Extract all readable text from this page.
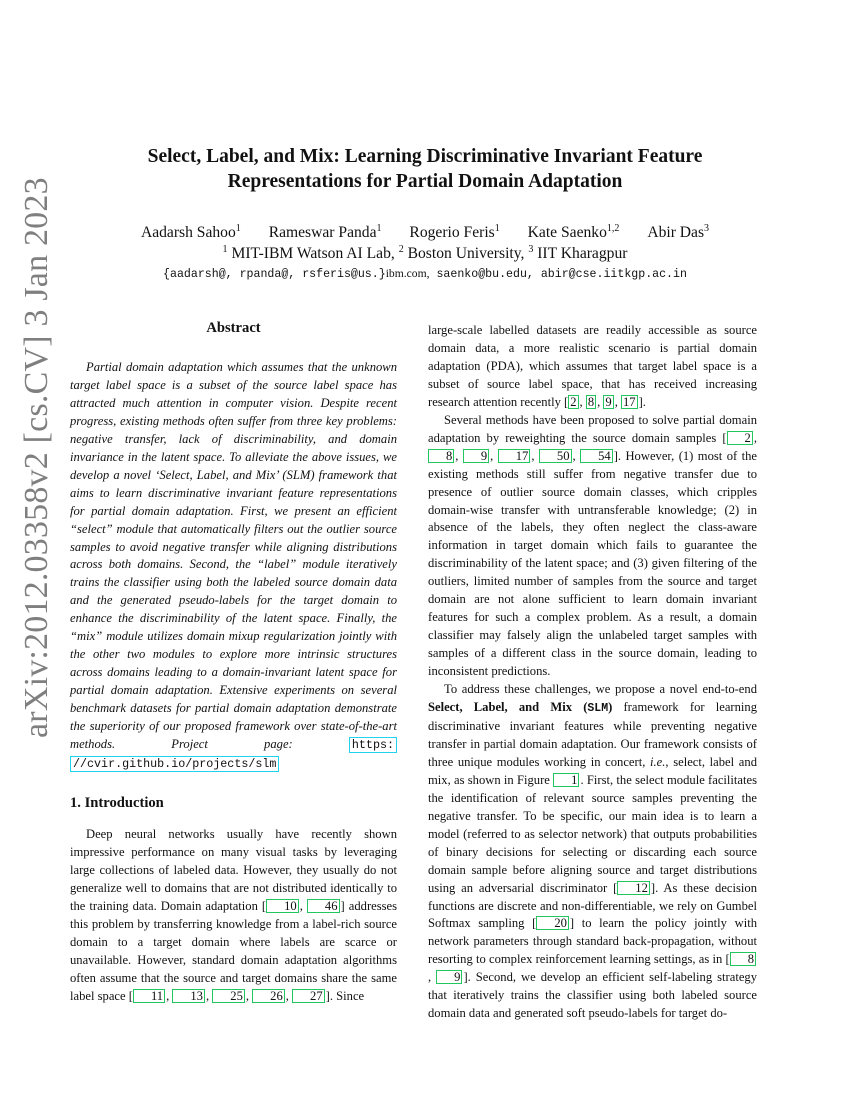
arXiv:2012.03358v2 [cs.CV] 3 Jan 2023
Select, Label, and Mix: Learning Discriminative Invariant Feature
Representations for Partial Domain Adaptation
Aadarsh Sahoo$^1$ Rameswar Panda$^1$ Rogerio Feris$^1$ Kate Saenko$^{1,2}$ Abir Das$^3$
$^1$ MIT-IBM Watson AI Lab, $^2$ Boston University, $^3$ IIT Kharagpur
{aadarsh@, rpanda@, rsferis@us.}ibm.com, saenko@bu.edu, abir@cse.iitkgp.ac.in
Abstract

Partial domain adaptation which assumes that the unknown target label space is a subset of the source label space has attracted much attention in computer vision. Despite recent progress, existing methods often suffer from three key problems: negative transfer, lack of discriminability, and domain invariance in the latent space. To alleviate the above issues, we develop a novel ‘Select, Label, and Mix’ (SLM) framework that aims to learn discriminative invariant feature representations for partial domain adaptation. First, we present an efficient “select” module that automatically filters out the outlier source samples to avoid negative transfer while aligning distributions across both domains. Second, the “label” module iteratively trains the classifier using both the labeled source domain data and the generated pseudo-labels for the target domain to enhance the discriminability of the latent space. Finally, the “mix” module utilizes domain mixup regularization jointly with the other two modules to explore more intrinsic structures across domains leading to a domain-invariant latent space for partial domain adaptation. Extensive experiments on several benchmark datasets for partial domain adaptation demonstrate the superiority of our proposed framework over state-of-the-art methods. Project page:	https: //cvir.github.io/projects/slm

1. Introduction

Deep neural networks usually have recently shown impressive performance on many visual tasks by leveraging large collections of labeled data. However, they usually do not generalize well to domains that are not distributed identically to the training data. Domain adaptation [ 10 , 46 ] addresses this problem by transferring knowledge from a label-rich source domain to a target domain where labels are scarce or unavailable. However, standard domain adaptation algorithms often assume that the source and target domains share the same label space [ 11 , 13 , 25 , 26 , 27 ]. Since

large-scale labelled datasets are readily accessible as source domain data, a more realistic scenario is partial domain adaptation (PDA), which assumes that target label space is a subset of source label space, that has received increasing research attention recently [ 2 , 8 , 9 , 17 ].

Several methods have been proposed to solve partial domain adaptation by reweighting the source domain samples [ 2 , 8 , 9 , 17 , 50 , 54 ]. However, (1) most of the existing methods still suffer from negative transfer due to presence of outlier source domain classes, which cripples domain-wise transfer with untransferable knowledge; (2) in absence of the labels, they often neglect the class-aware information in target domain which fails to guarantee the discriminability of the latent space; and (3) given filtering of the outliers, limited number of samples from the source and target domain are not alone sufficient to learn domain invariant features for such a complex problem. As a result, a domain classifier may falsely align the unlabeled target samples with samples of a different class in the source domain, leading to inconsistent predictions.

To address these challenges, we propose a novel end-to-end Select, Label, and Mix (SLM) framework for learning discriminative invariant features while preventing negative transfer in partial domain adaptation. Our framework consists of three unique modules working in concert, i.e., select, label and mix, as shown in Figure 1 . First, the select module facilitates the identification of relevant source samples preventing the negative transfer. To be specific, our main idea is to learn a model (referred to as selector network) that outputs probabilities of binary decisions for selecting or discarding each source domain sample before aligning source and target distributions using an adversarial discriminator [ 12 ]. As these decision functions are discrete and non-differentiable, we rely on Gumbel Softmax sampling [ 20 ] to learn the policy jointly with network parameters through standard back-propagation, without resorting to complex reinforcement learning settings, as in [ 8, 9 ]. Second, we develop an efficient self-labeling strategy that iteratively trains the classifier using both labeled source domain data and generated soft pseudo-labels for target do-
